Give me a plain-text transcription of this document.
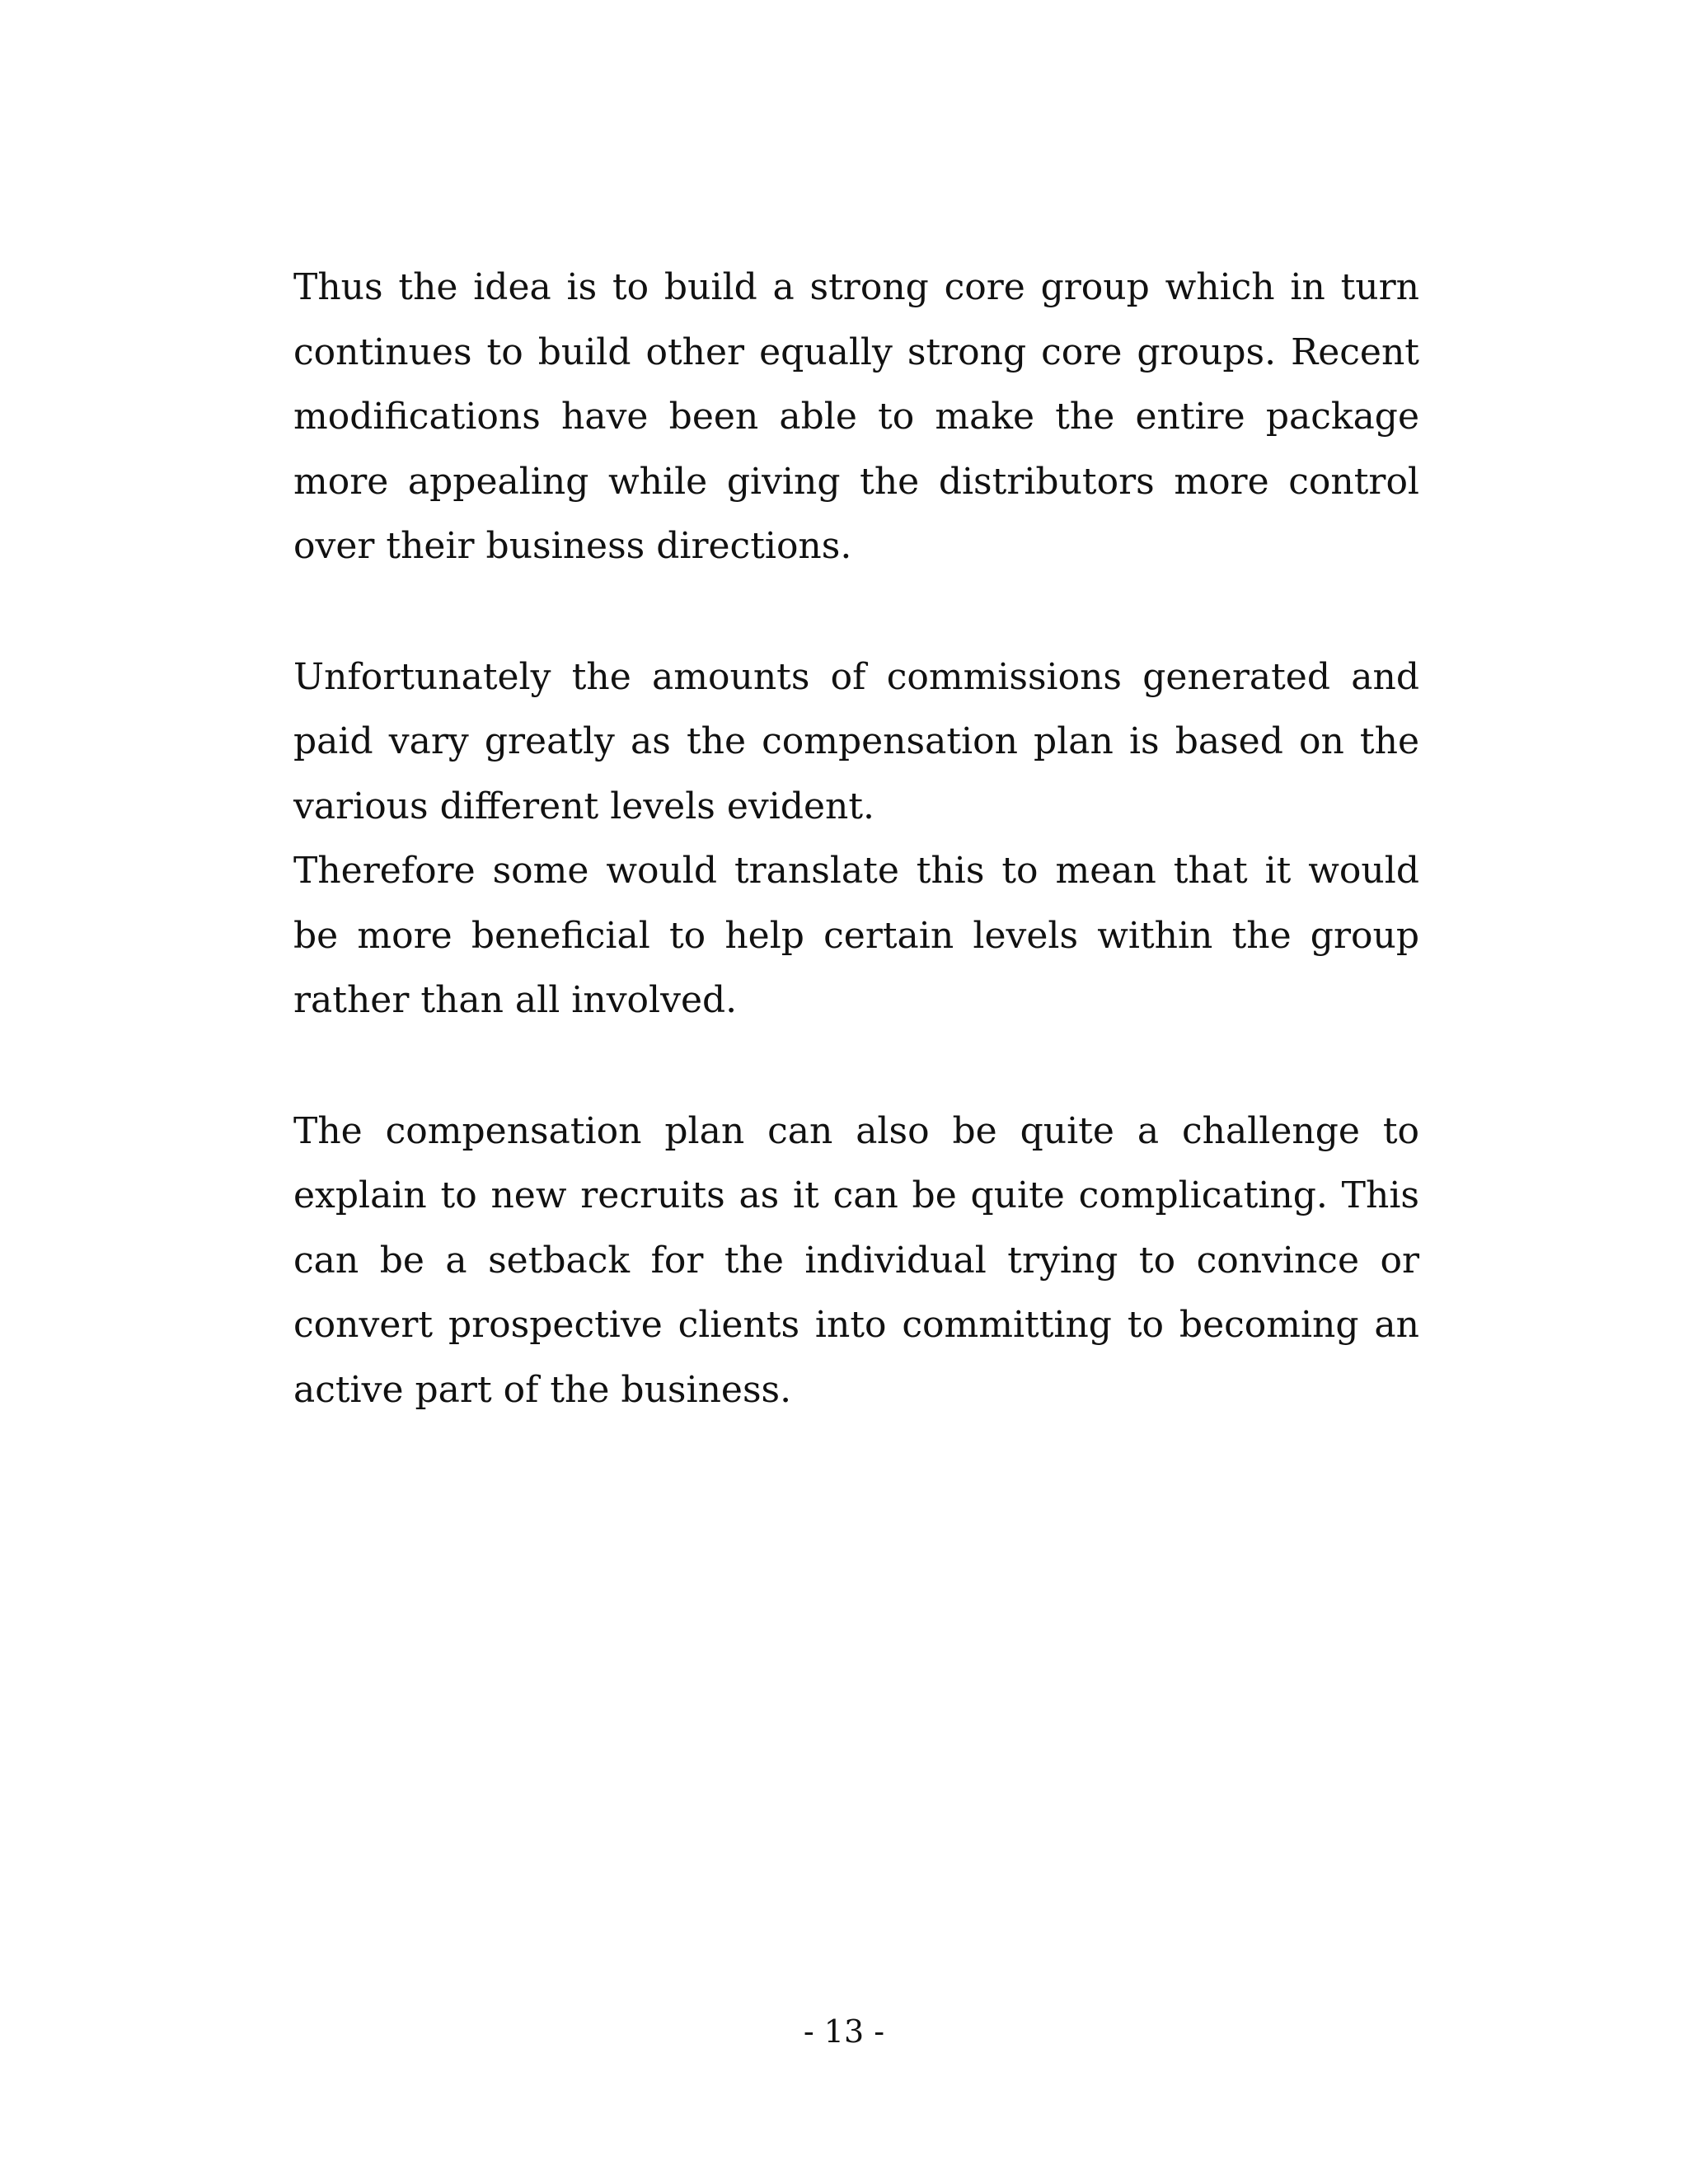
Thus the idea is to build a strong core group which in turn continues to build other equally strong core groups. Recent modifications have been able to make the entire package more appealing while giving the distributors more control over their business directions.

Unfortunately the amounts of commissions generated and paid vary greatly as the compensation plan is based on the various different levels evident.

Therefore some would translate this to mean that it would be more beneficial to help certain levels within the group rather than all involved.

The compensation plan can also be quite a challenge to explain to new recruits as it can be quite complicating. This can be a setback for the individual trying to convince or convert prospective clients into committing to becoming an active part of the business.

- 13 -
